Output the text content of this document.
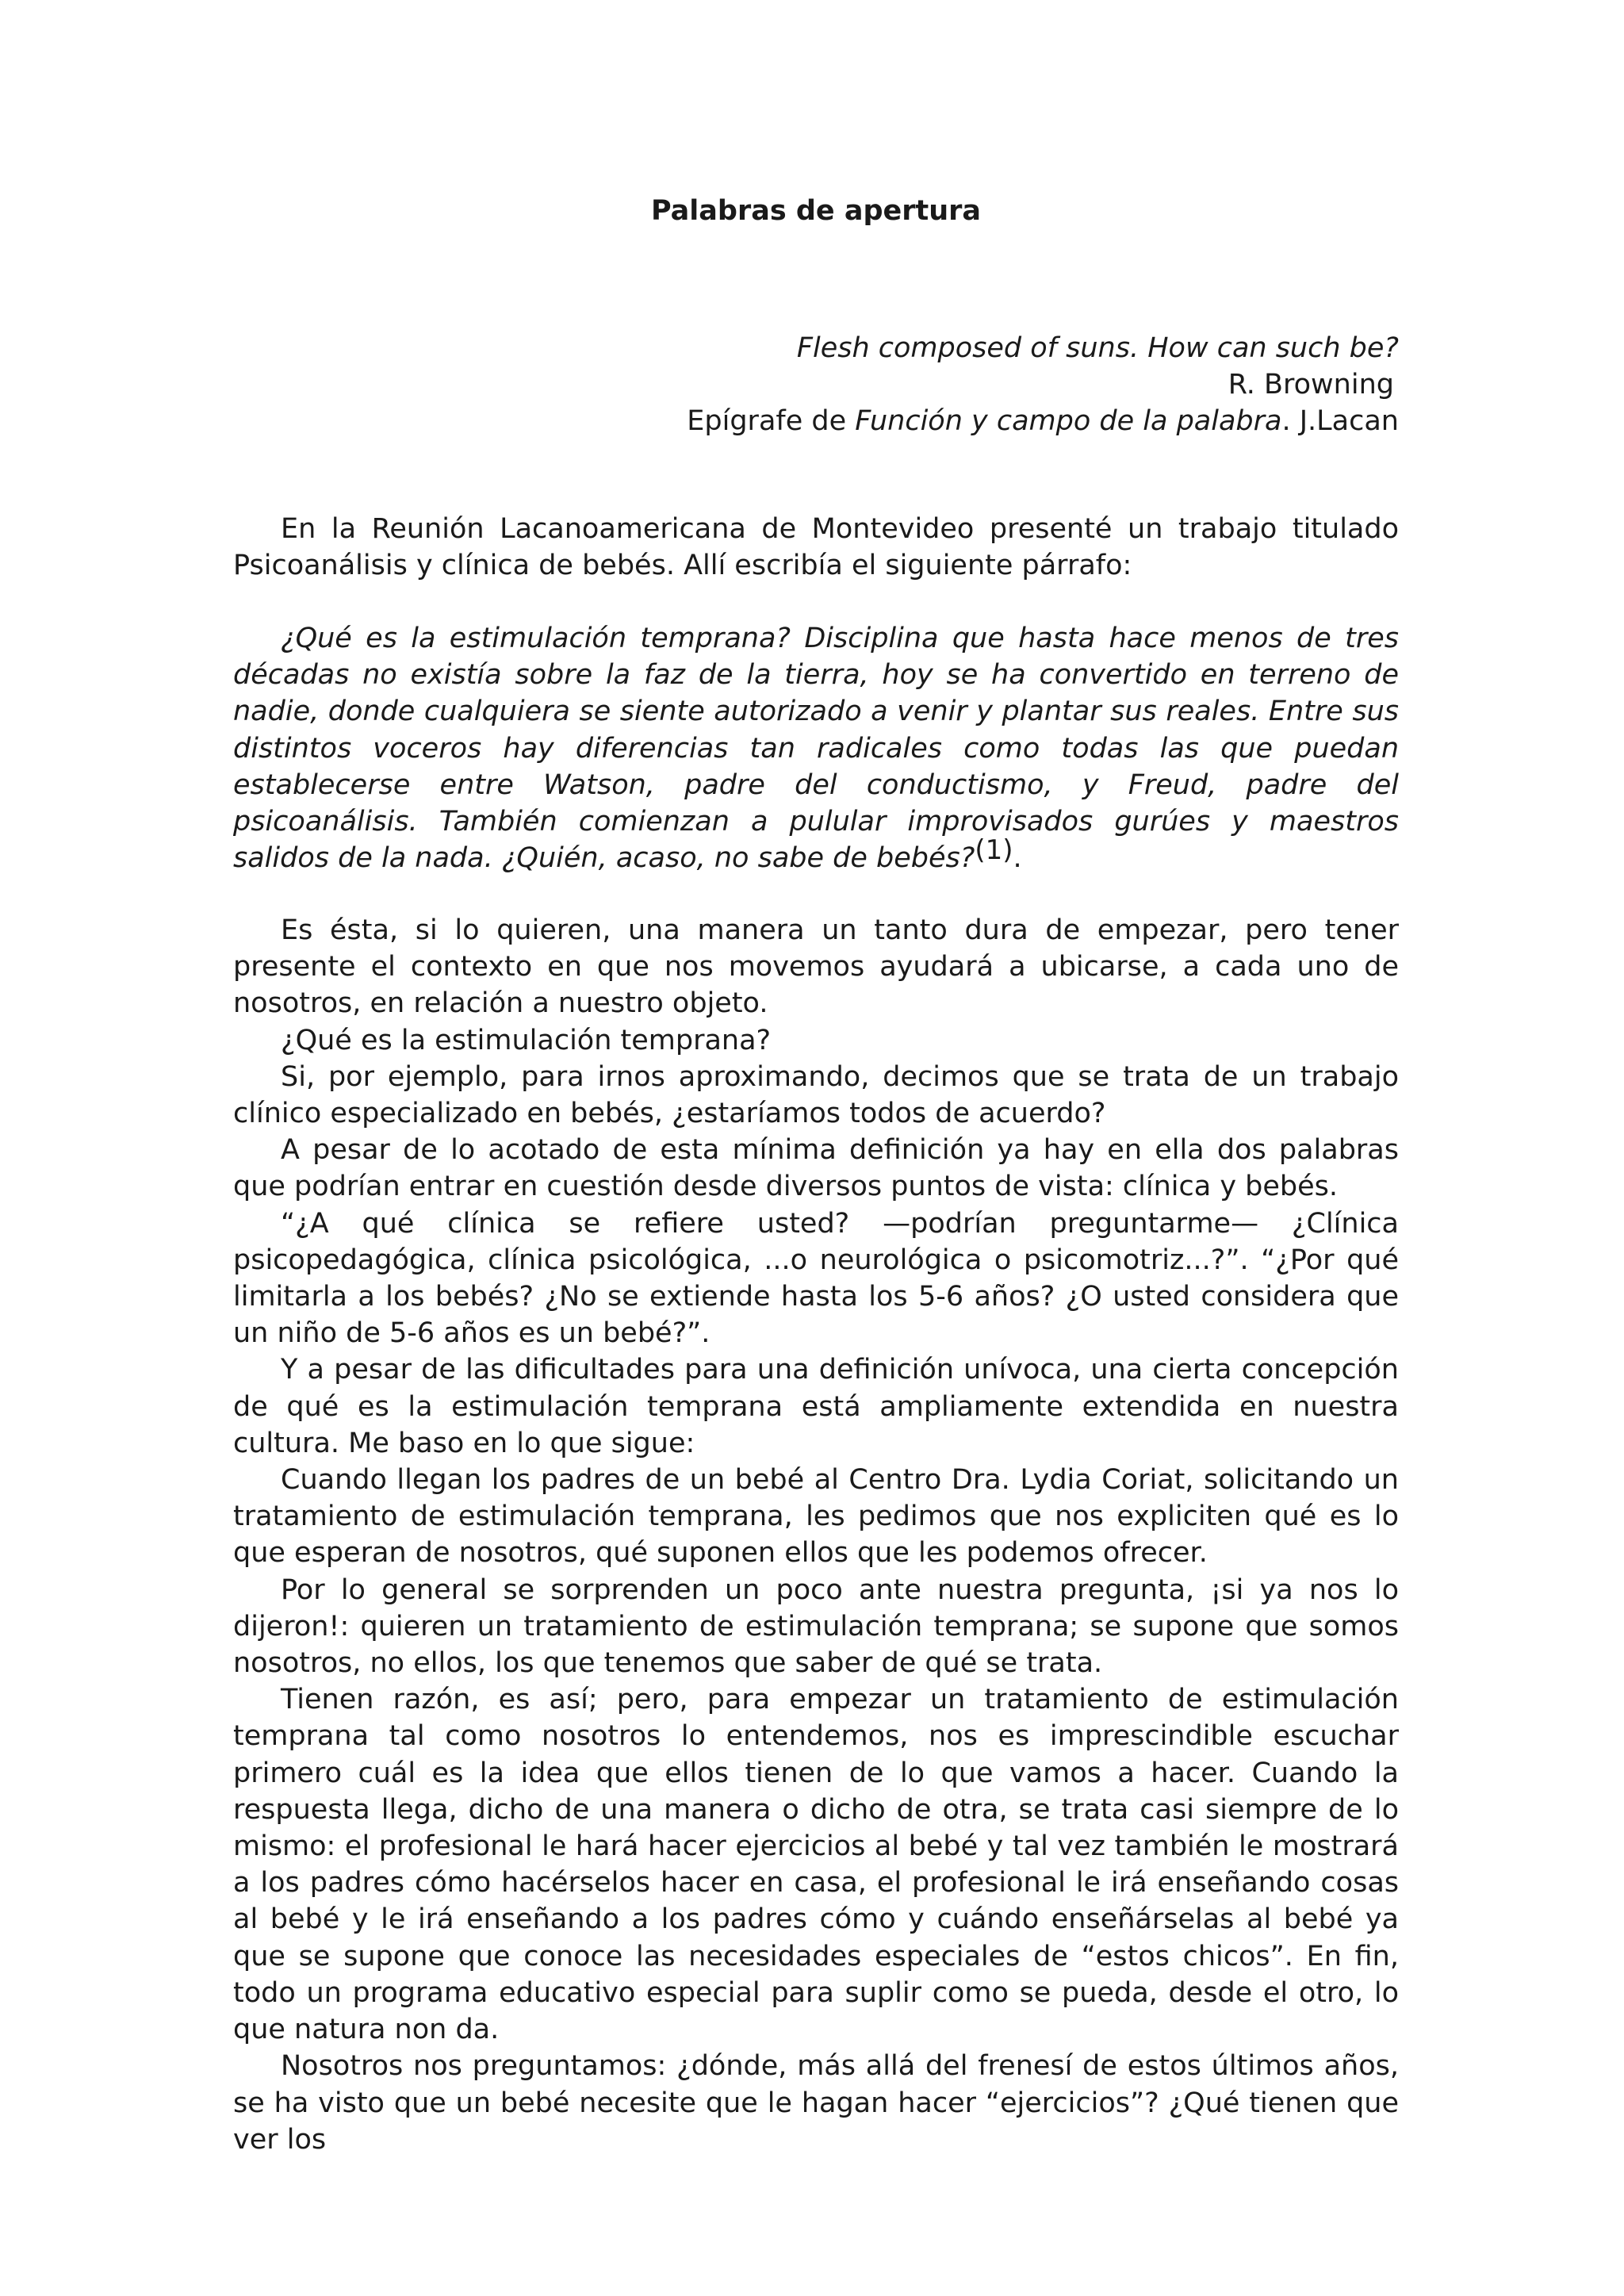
Palabras de apertura
Flesh composed of suns. How can such be?
R. Browning
Epígrafe de Función y campo de la palabra. J.Lacan

En la Reunión Lacanoamericana de Montevideo presenté un trabajo titulado Psicoanálisis y clínica de bebés. Allí escribía el siguiente párrafo:

¿Qué es la estimulación temprana? Disciplina que hasta hace menos de tres décadas no existía sobre la faz de la tierra, hoy se ha convertido en terreno de nadie, donde cualquiera se siente autorizado a venir y plantar sus reales. Entre sus distintos voceros hay diferencias tan radicales como todas las que puedan establecerse entre Watson, padre del conductismo, y Freud, padre del psicoanálisis. También comienzan a pulular improvisados gurúes y maestros salidos de la nada. ¿Quién, acaso, no sabe de bebés?$^{(1)}$.

Es ésta, si lo quieren, una manera un tanto dura de empezar, pero tener presente el contexto en que nos movemos ayudará a ubicarse, a cada uno de nosotros, en relación a nuestro objeto.

¿Qué es la estimulación temprana?

Si, por ejemplo, para irnos aproximando, decimos que se trata de un trabajo clínico especializado en bebés, ¿estaríamos todos de acuerdo?

A pesar de lo acotado de esta mínima definición ya hay en ella dos palabras que podrían entrar en cuestión desde diversos puntos de vista: clínica y bebés.

“¿A qué clínica se refiere usted? —podrían preguntarme— ¿Clínica psicopedagógica, clínica psicológica, ...o neurológica o psicomotriz...?”. “¿Por qué limitarla a los bebés? ¿No se extiende hasta los 5-6 años? ¿O usted considera que un niño de 5-6 años es un bebé?”.

Y a pesar de las dificultades para una definición unívoca, una cierta concepción de qué es la estimulación temprana está ampliamente extendida en nuestra cultura. Me baso en lo que sigue:

Cuando llegan los padres de un bebé al Centro Dra. Lydia Coriat, solicitando un tratamiento de estimulación temprana, les pedimos que nos expliciten qué es lo que esperan de nosotros, qué suponen ellos que les podemos ofrecer.

Por lo general se sorprenden un poco ante nuestra pregunta, ¡si ya nos lo dijeron!: quieren un tratamiento de estimulación temprana; se supone que somos nosotros, no ellos, los que tenemos que saber de qué se trata.

Tienen razón, es así; pero, para empezar un tratamiento de estimulación temprana tal como nosotros lo entendemos, nos es imprescindible escuchar primero cuál es la idea que ellos tienen de lo que vamos a hacer. Cuando la respuesta llega, dicho de una manera o dicho de otra, se trata casi siempre de lo mismo: el profesional le hará hacer ejercicios al bebé y tal vez también le mostrará a los padres cómo hacérselos hacer en casa, el profesional le irá enseñando cosas al bebé y le irá enseñando a los padres cómo y cuándo enseñárselas al bebé ya que se supone que conoce las necesidades especiales de “estos chicos”. En fin, todo un programa educativo especial para suplir como se pueda, desde el otro, lo que natura non da.

Nosotros nos preguntamos: ¿dónde, más allá del frenesí de estos últimos años, se ha visto que un bebé necesite que le hagan hacer “ejercicios”? ¿Qué tienen que ver los
